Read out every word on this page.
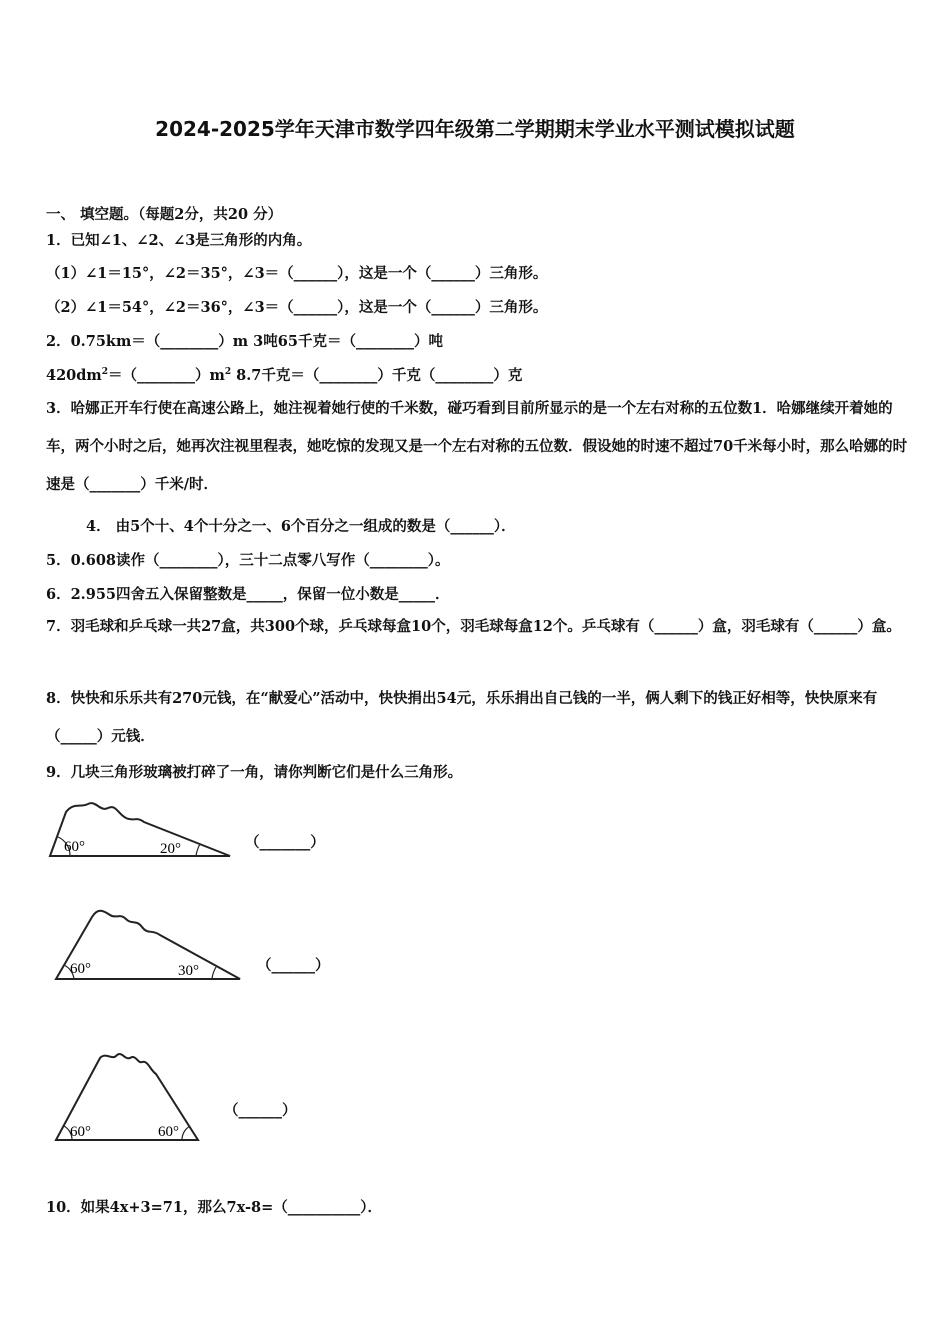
2024-2025学年天津市数学四年级第二学期期末学业水平测试模拟试题
一、 填空题。（每题2分，共20 分）
1．已知∠1、∠2、∠3是三角形的内角。
（1）∠1＝15°，∠2＝35°，∠3＝（______），这是一个（______）三角形。
（2）∠1＝54°，∠2＝36°，∠3＝（______），这是一个（______）三角形。
2．0.75km＝（________）m 3吨65千克＝（________）吨
$420dm^2=(\_\_\_\_\_\_\_\_)m^2$ 8.7千克＝（________）千克（________）克
3．哈娜正开车行使在高速公路上，她注视着她行使的千米数，碰巧看到目前所显示的是一个左右对称的五位数1．哈娜继续开着她的车，两个小时之后，她再次注视里程表，她吃惊的发现又是一个左右对称的五位数．假设她的时速不超过70千米每小时，那么哈娜的时速是（_______）千米/时．
4． 由5个十、4个十分之一、6个百分之一组成的数是（______）．
5．0.608读作（________），三十二点零八写作（________）。
6．2.955四舍五入保留整数是_____，保留一位小数是_____．
7．羽毛球和乒乓球一共27盒，共300个球，乒乓球每盒10个，羽毛球每盒12个。乒乓球有（______）盒，羽毛球有（______）盒。
8．快快和乐乐共有270元钱，在“献爱心”活动中，快快捐出54元，乐乐捐出自己钱的一半，俩人剩下的钱正好相等，快快原来有（_____）元钱．
9．几块三角形玻璃被打碎了一角，请你判断它们是什么三角形。
60°	20°	（_______）
60°	30°	（______）
60°	60°
（______）
10．如果4x+3=71，那么7x-8=（__________）．
